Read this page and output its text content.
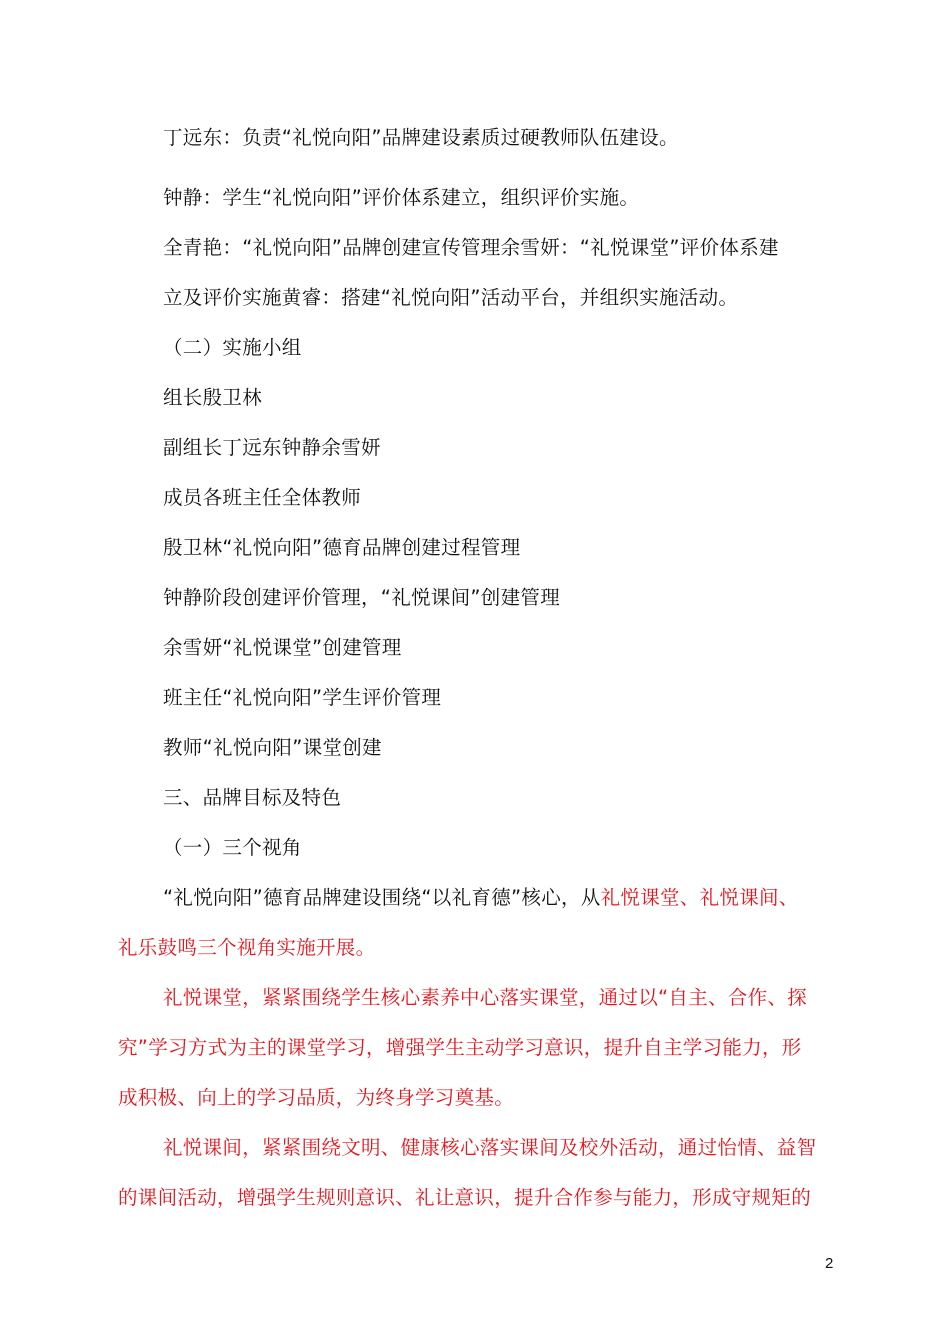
丁远东：负责“礼悦向阳”品牌建设素质过硬教师队伍建设。
钟静：学生“礼悦向阳”评价体系建立，组织评价实施。
全青艳：“礼悦向阳”品牌创建宣传管理余雪妍：“礼悦课堂”评价体系建
立及评价实施黄睿：搭建“礼悦向阳”活动平台，并组织实施活动。
（二）实施小组
组长殷卫林
副组长丁远东钟静余雪妍
成员各班主任全体教师
殷卫林“礼悦向阳”德育品牌创建过程管理
钟静阶段创建评价管理，“礼悦课间”创建管理
余雪妍“礼悦课堂”创建管理
班主任“礼悦向阳”学生评价管理
教师“礼悦向阳”课堂创建
三、品牌目标及特色
（一）三个视角
“礼悦向阳”德育品牌建设围绕“以礼育德”核心，从礼悦课堂、礼悦课间、
礼乐鼓鸣三个视角实施开展。
礼悦课堂，紧紧围绕学生核心素养中心落实课堂，通过以“自主、合作、探
究”学习方式为主的课堂学习，增强学生主动学习意识，提升自主学习能力，形
成积极、向上的学习品质，为终身学习奠基。
礼悦课间，紧紧围绕文明、健康核心落实课间及校外活动，通过怡情、益智
的课间活动，增强学生规则意识、礼让意识，提升合作参与能力，形成守规矩的
2
